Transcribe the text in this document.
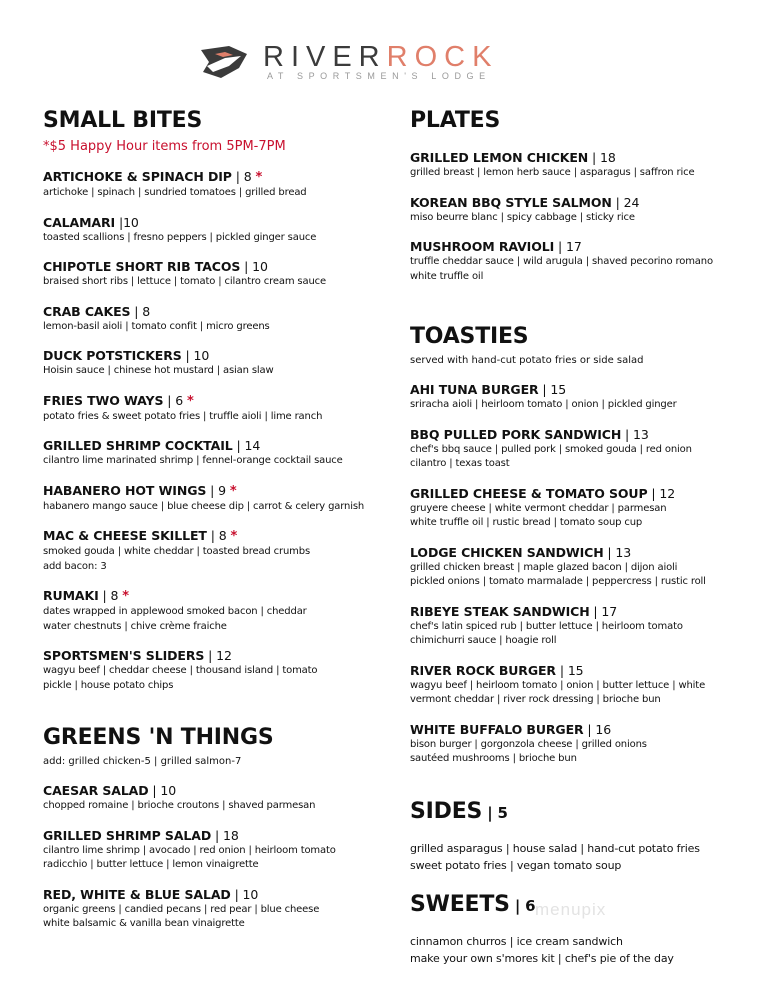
RIVERROCK
AT SPORTSMEN'S LODGE
SMALL BITES
*$5 Happy Hour items from 5PM-7PM
ARTICHOKE & SPINACH DIP | 8 *
artichoke | spinach | sundried tomatoes | grilled bread
CALAMARI |10
toasted scallions | fresno peppers | pickled ginger sauce
CHIPOTLE SHORT RIB TACOS | 10
braised short ribs | lettuce | tomato | cilantro cream sauce
CRAB CAKES | 8
lemon-basil aioli | tomato confit | micro greens
DUCK POTSTICKERS | 10
Hoisin sauce | chinese hot mustard | asian slaw
FRIES TWO WAYS | 6 *
potato fries & sweet potato fries | truffle aioli | lime ranch
GRILLED SHRIMP COCKTAIL | 14
cilantro lime marinated shrimp | fennel-orange cocktail sauce
HABANERO HOT WINGS | 9 *
habanero mango sauce | blue cheese dip | carrot & celery garnish
MAC & CHEESE SKILLET | 8 *
smoked gouda | white cheddar | toasted bread crumbs
add bacon: 3
RUMAKI | 8 *
dates wrapped in applewood smoked bacon | cheddar
water chestnuts | chive crème fraiche
SPORTSMEN'S SLIDERS | 12
wagyu beef | cheddar cheese | thousand island | tomato
pickle | house potato chips
GREENS 'N THINGS
add: grilled chicken-5 | grilled salmon-7
CAESAR SALAD | 10
chopped romaine | brioche croutons | shaved parmesan
GRILLED SHRIMP SALAD | 18
cilantro lime shrimp | avocado | red onion | heirloom tomato
radicchio | butter lettuce | lemon vinaigrette
RED, WHITE & BLUE SALAD | 10
organic greens | candied pecans | red pear | blue cheese
white balsamic & vanilla bean vinaigrette
PLATES
GRILLED LEMON CHICKEN | 18
grilled breast | lemon herb sauce | asparagus | saffron rice
KOREAN BBQ STYLE SALMON | 24
miso beurre blanc | spicy cabbage | sticky rice
MUSHROOM RAVIOLI | 17
truffle cheddar sauce | wild arugula | shaved pecorino romano
white truffle oil
TOASTIES
served with hand-cut potato fries or side salad
AHI TUNA BURGER | 15
sriracha aioli | heirloom tomato | onion | pickled ginger
BBQ PULLED PORK SANDWICH | 13
chef's bbq sauce | pulled pork | smoked gouda | red onion
cilantro | texas toast
GRILLED CHEESE & TOMATO SOUP | 12
gruyere cheese | white vermont cheddar | parmesan
white truffle oil | rustic bread | tomato soup cup
LODGE CHICKEN SANDWICH | 13
grilled chicken breast | maple glazed bacon | dijon aioli
pickled onions | tomato marmalade | peppercress | rustic roll
RIBEYE STEAK SANDWICH | 17
chef's latin spiced rub | butter lettuce | heirloom tomato
chimichurri sauce | hoagie roll
RIVER ROCK BURGER | 15
wagyu beef | heirloom tomato | onion | butter lettuce | white
vermont cheddar | river rock dressing | brioche bun
WHITE BUFFALO BURGER | 16
bison burger | gorgonzola cheese | grilled onions
sautéed mushrooms | brioche bun
SIDES | 5
grilled asparagus | house salad | hand-cut potato fries
sweet potato fries | vegan tomato soup
SWEETS | 6
cinnamon churros | ice cream sandwich
make your own s'mores kit | chef's pie of the day
menupix
